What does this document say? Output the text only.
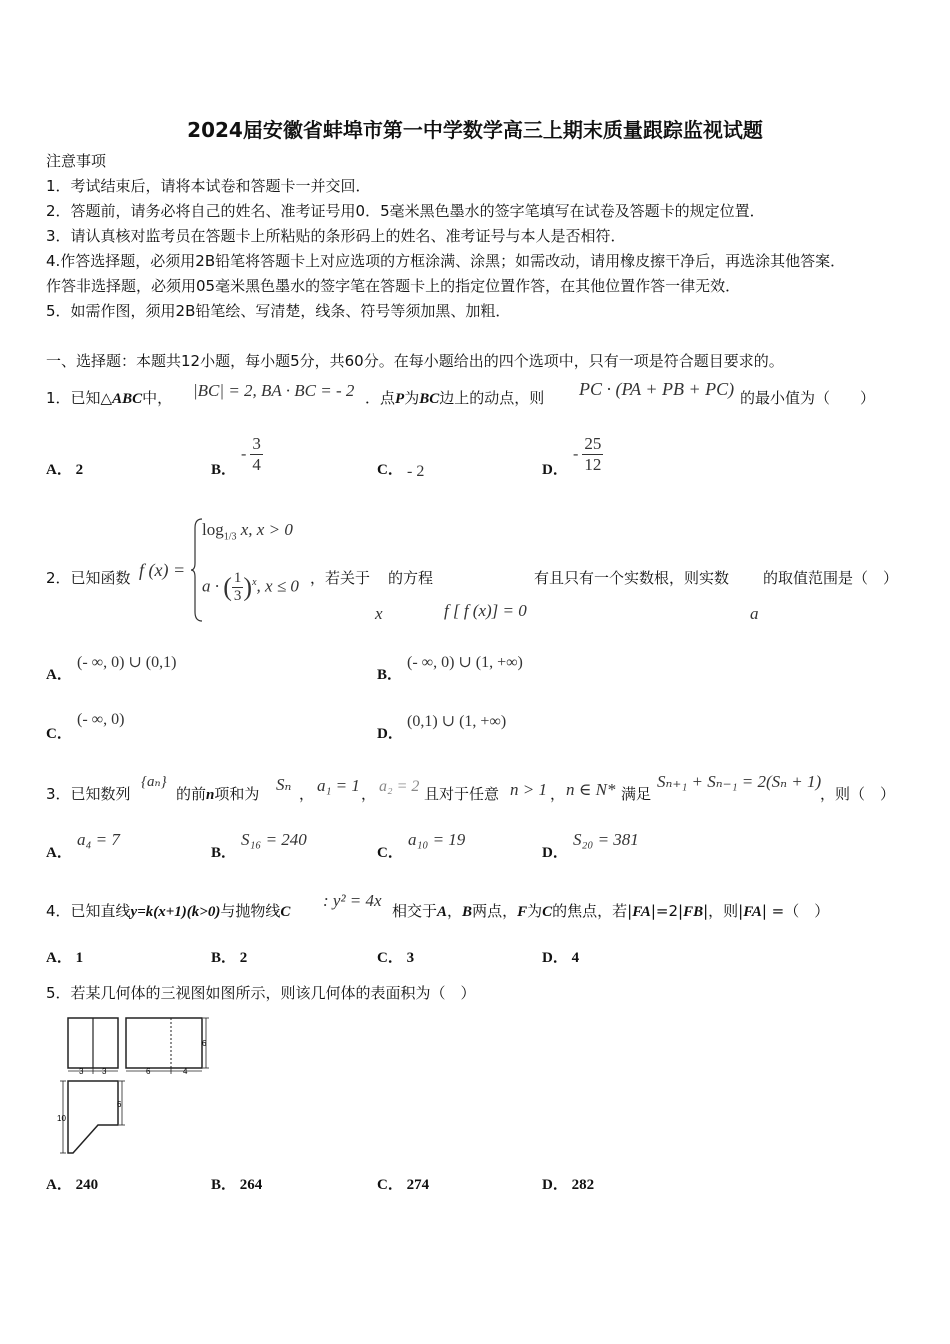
2024届安徽省蚌埠市第一中学数学高三上期末质量跟踪监视试题
注意事项
1．考试结束后，请将本试卷和答题卡一并交回．
2．答题前，请务必将自己的姓名、准考证号用0．5毫米黑色墨水的签字笔填写在试卷及答题卡的规定位置．
3．请认真核对监考员在答题卡上所粘贴的条形码上的姓名、准考证号与本人是否相符．
4.作答选择题，必须用2B铅笔将答题卡上对应选项的方框涂满、涂黑；如需改动，请用橡皮擦干净后，再选涂其他答案．
作答非选择题，必须用05毫米黑色墨水的签字笔在答题卡上的指定位置作答，在其他位置作答一律无效．
5．如需作图，须用2B铅笔绘、写清楚，线条、符号等须加黑、加粗．
一、选择题：本题共12小题，每小题5分，共60分。在每小题给出的四个选项中，只有一项是符合题目要求的。
1．已知△ABC中， |BC| = 2, BA · BC = - 2 ．点P为BC边上的动点，则 PC · (PA + PB + PC) 的最小值为（　　）
A． 2	B．
- $\frac{3}{4}$	C． - 2	D．
- $\frac{25}{12}$
2．已知函数 f (x) =
$\log_{1/3} x$, x > 0
a · ( $\frac{1}{3} )^x$, x ≤ 0 ，若关于
x
的方程
f [ f (x)] = 0
有且只有一个实数根，则实数
a
的取值范围是（　）
A．
(- ∞, 0) ∪ (0,1)
B．
(- ∞, 0) ∪ (1, +∞)
C．
(- ∞, 0)
D．
(0,1) ∪ (1, +∞)
3．已知数列
{aₙ}
的前n项和为 Sₙ ， a₁ = 1 ， a₂ = 2 且对于任意 n > 1 ， n ∈ N* 满足
Sₙ₊₁ + Sₙ₋₁ = 2(Sₙ + 1)
，则（　）
A．
a₄ = 7
B．
S₁₆ = 240
C．
a₁₀ = 19
D．
S₂₀ = 381
4．已知直线y=k(x+1)(k>0)与抛物线C
: y² = 4x
相交于A，B两点，F为C的焦点，若|FA|=2|FB|，则|FA| =（　）
A． 1	B． 2	C． 3	D． 4
5．若某几何体的三视图如图所示，则该几何体的表面积为（　）
3 3	6	4
6
10
6
A． 240	B． 264	C． 274	D． 282
